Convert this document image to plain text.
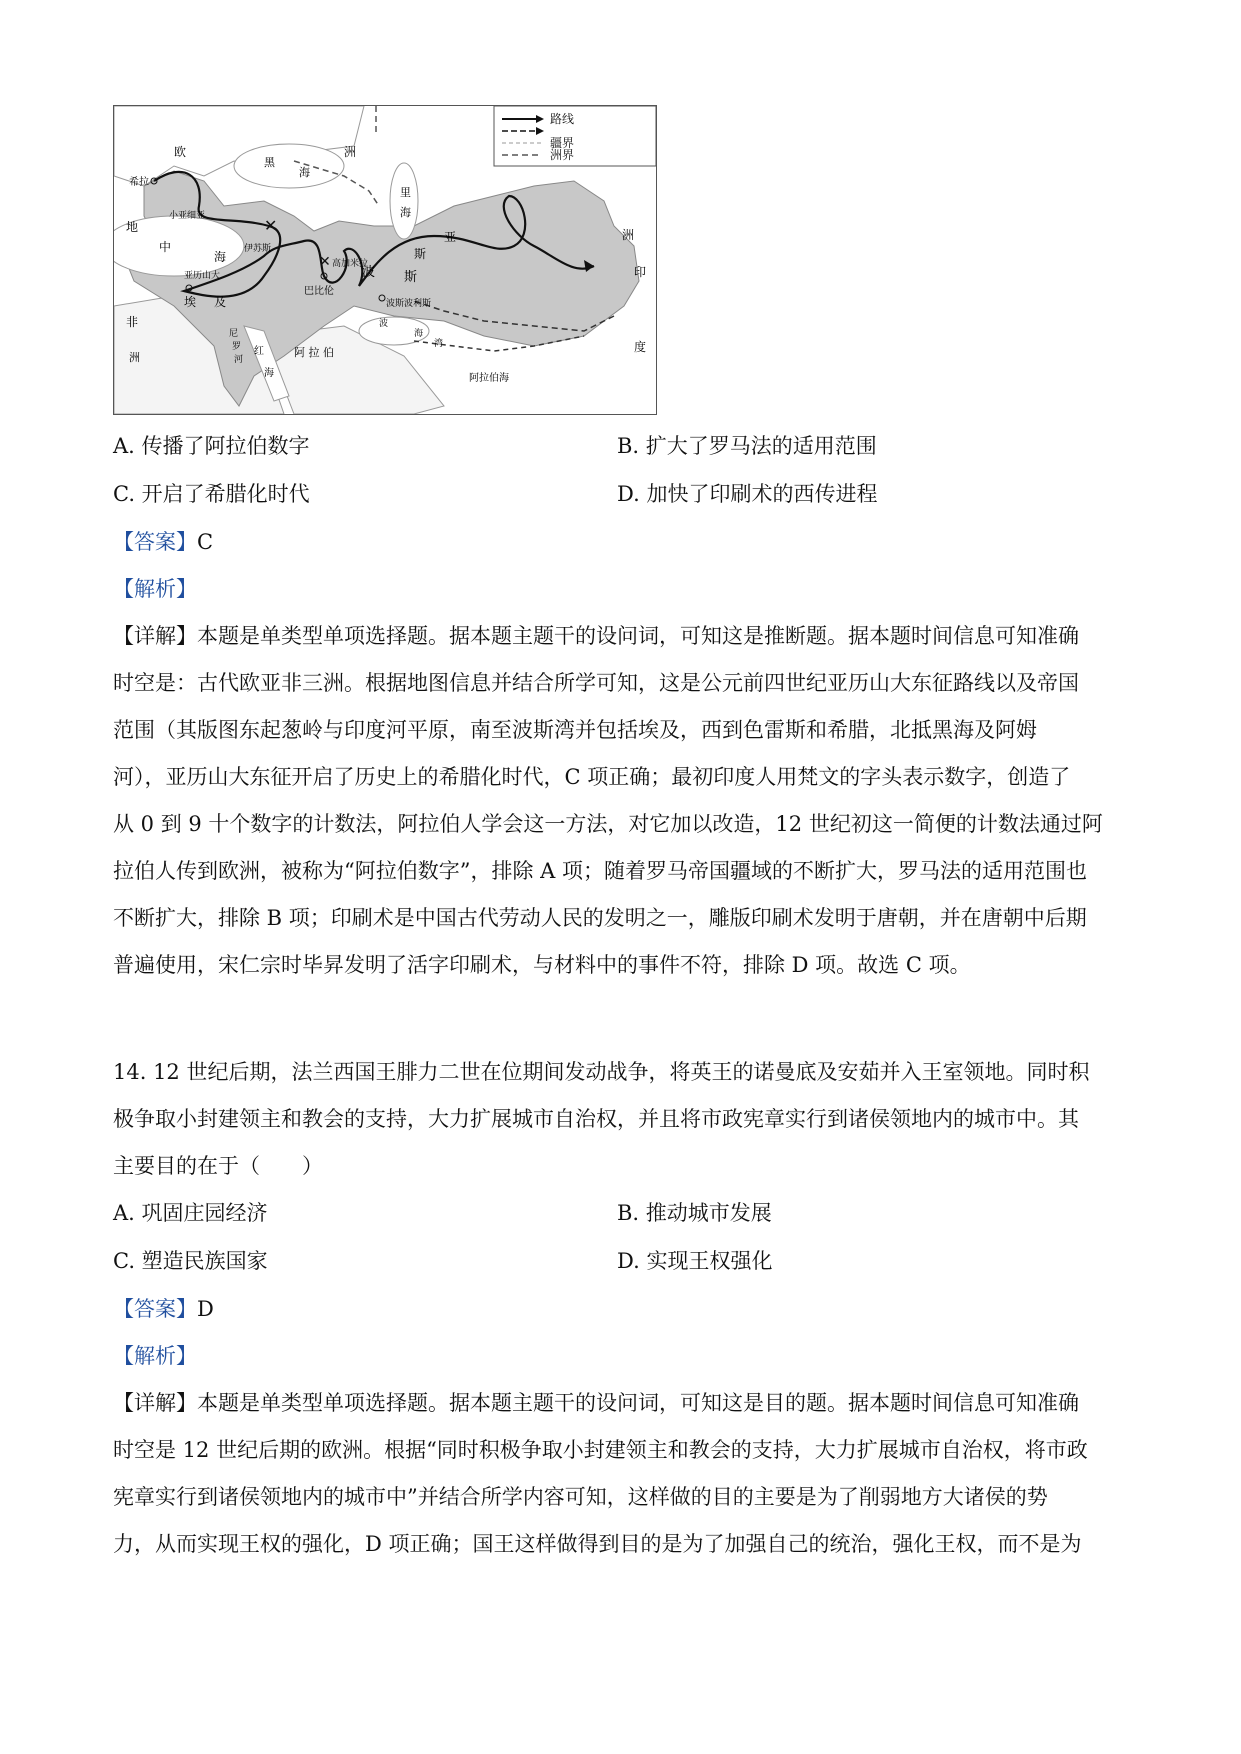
✕
✕
路线
疆界
洲界
欧	洲
希拉
小亚细亚
黑
海
里
海
伊苏斯
高加米拉
巴比伦
波斯波利斯
波 斯
亚
斯
洲
印
度
地
中
海
亚历山大
埃 及
非
洲	红
海
阿 拉 伯
阿拉伯海
尼
罗
河
波
海
湾
A. 传播了阿拉伯数字	B. 扩大了罗马法的适用范围
C. 开启了希腊化时代	D. 加快了印刷术的西传进程
【答案】C
【解析】
【详解】本题是单类型单项选择题。据本题主题干的设问词，可知这是推断题。据本题时间信息可知准确
时空是：古代欧亚非三洲。根据地图信息并结合所学可知，这是公元前四世纪亚历山大东征路线以及帝国
范围（其版图东起葱岭与印度河平原，南至波斯湾并包括埃及，西到色雷斯和希腊，北抵黑海及阿姆
河），亚历山大东征开启了历史上的希腊化时代，C 项正确；最初印度人用梵文的字头表示数字，创造了
从 0 到 9 十个数字的计数法，阿拉伯人学会这一方法，对它加以改造，12 世纪初这一简便的计数法通过阿
拉伯人传到欧洲，被称为“阿拉伯数字”，排除 A 项；随着罗马帝国疆域的不断扩大，罗马法的适用范围也
不断扩大，排除 B 项；印刷术是中国古代劳动人民的发明之一，雕版印刷术发明于唐朝，并在唐朝中后期
普遍使用，宋仁宗时毕昇发明了活字印刷术，与材料中的事件不符，排除 D 项。故选 C 项。
14. 12 世纪后期，法兰西国王腓力二世在位期间发动战争，将英王的诺曼底及安茹并入王室领地。同时积
极争取小封建领主和教会的支持，大力扩展城市自治权，并且将市政宪章实行到诸侯领地内的城市中。其
主要目的在于（　　）
A. 巩固庄园经济	B. 推动城市发展
C. 塑造民族国家	D. 实现王权强化
【答案】D
【解析】
【详解】本题是单类型单项选择题。据本题主题干的设问词，可知这是目的题。据本题时间信息可知准确
时空是 12 世纪后期的欧洲。根据“同时积极争取小封建领主和教会的支持，大力扩展城市自治权，将市政
宪章实行到诸侯领地内的城市中”并结合所学内容可知，这样做的目的主要是为了削弱地方大诸侯的势
力，从而实现王权的强化，D 项正确；国王这样做得到目的是为了加强自己的统治，强化王权，而不是为
